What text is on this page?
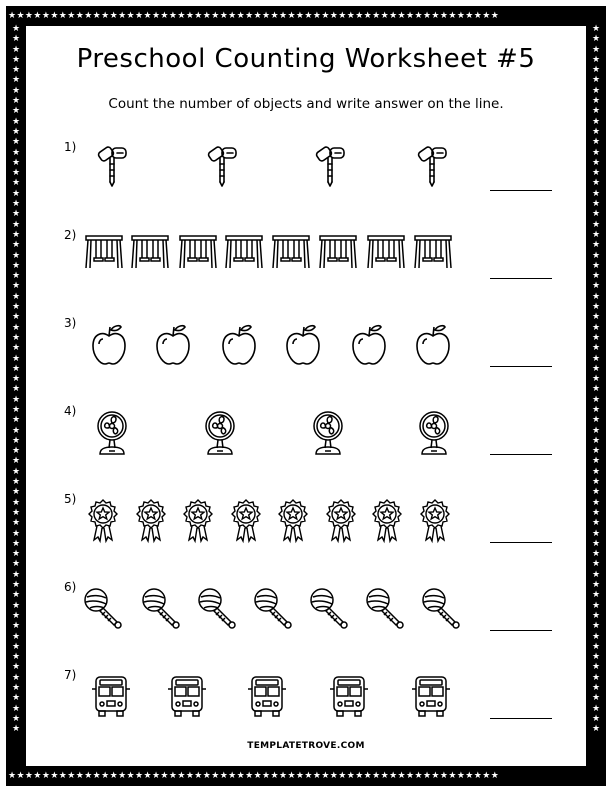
★★★★★★★★★★★★★★★★★★★★★★★★★★★★★★★★★★★★★★★★★★★★★★★★★★★★★★★★★★
★★★★★★★★★★★★★★★★★★★★★★★★★★★★★★★★★★★★★★★★★★★★★★★★★★★★★★★★★★
★★★★★★★★★★★★★★★★★★★★★★★★★★★★★★★★★★★★★★★★★★★★★★★★★★★★★★★★★★★★★★★★★★★★★
★★★★★★★★★★★★★★★★★★★★★★★★★★★★★★★★★★★★★★★★★★★★★★★★★★★★★★★★★★★★★★★★★★★★★
Preschool Counting Worksheet #5
Count the number of objects and write answer on the line.
1)
2)
3)
4)
5)
6)
7)
TEMPLATETROVE.COM
